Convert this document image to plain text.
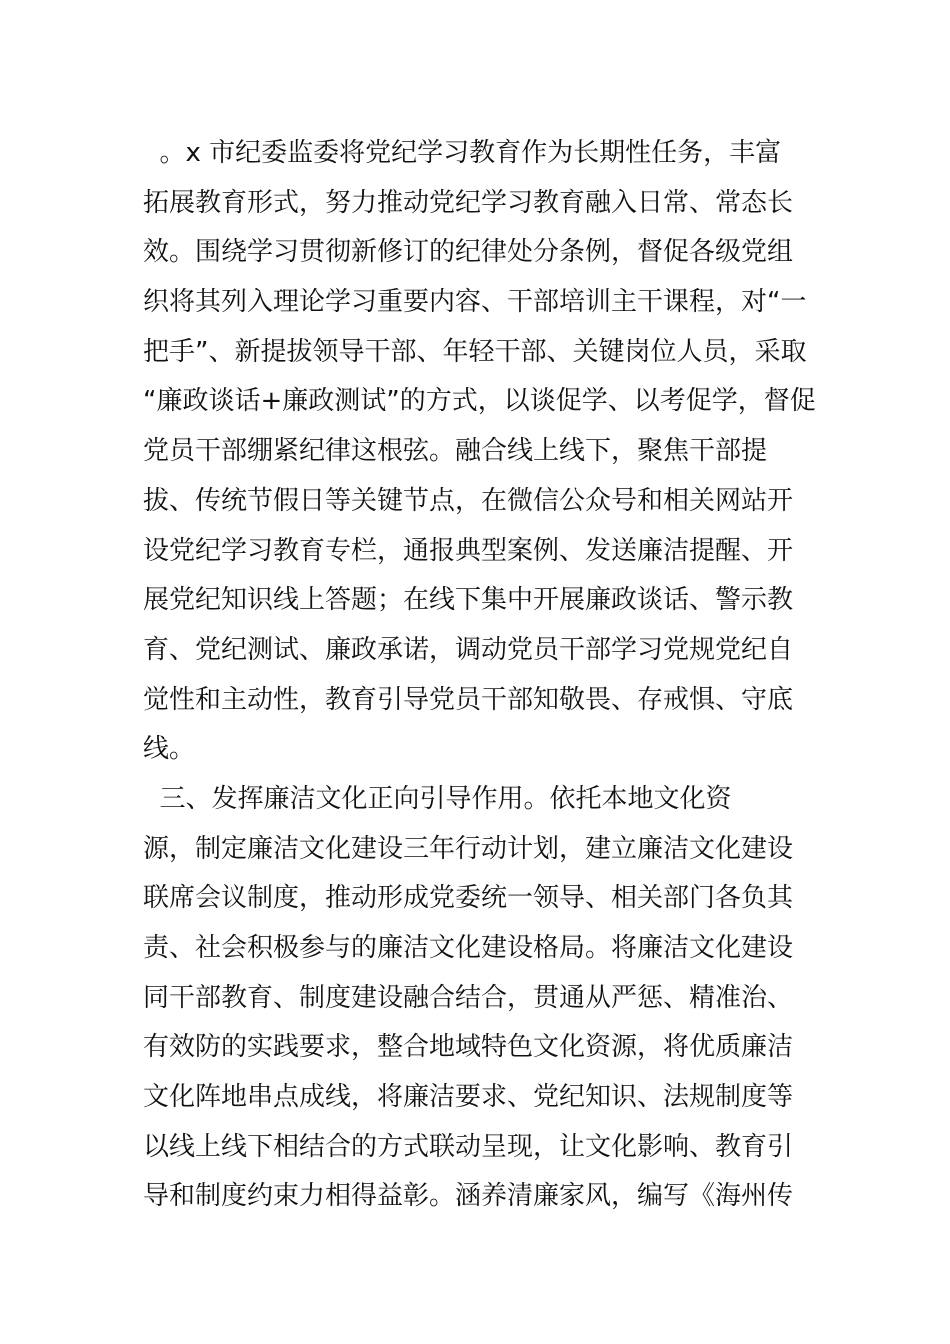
。x 市纪委监委将党纪学习教育作为长期性任务，丰富
拓展教育形式，努力推动党纪学习教育融入日常、常态长
效。围绕学习贯彻新修订的纪律处分条例，督促各级党组
织将其列入理论学习重要内容、干部培训主干课程，对“一
把手”、新提拔领导干部、年轻干部、关键岗位人员，采取
“廉政谈话+廉政测试”的方式，以谈促学、以考促学，督促
党员干部绷紧纪律这根弦。融合线上线下，聚焦干部提
拔、传统节假日等关键节点，在微信公众号和相关网站开
设党纪学习教育专栏，通报典型案例、发送廉洁提醒、开
展党纪知识线上答题；在线下集中开展廉政谈话、警示教
育、党纪测试、廉政承诺，调动党员干部学习党规党纪自
觉性和主动性，教育引导党员干部知敬畏、存戒惧、守底
线。
三、发挥廉洁文化正向引导作用。依托本地文化资
源，制定廉洁文化建设三年行动计划，建立廉洁文化建设
联席会议制度，推动形成党委统一领导、相关部门各负其
责、社会积极参与的廉洁文化建设格局。将廉洁文化建设
同干部教育、制度建设融合结合，贯通从严惩、精准治、
有效防的实践要求，整合地域特色文化资源，将优质廉洁
文化阵地串点成线，将廉洁要求、党纪知识、法规制度等
以线上线下相结合的方式联动呈现，让文化影响、教育引
导和制度约束力相得益彰。涵养清廉家风，编写《海州传
